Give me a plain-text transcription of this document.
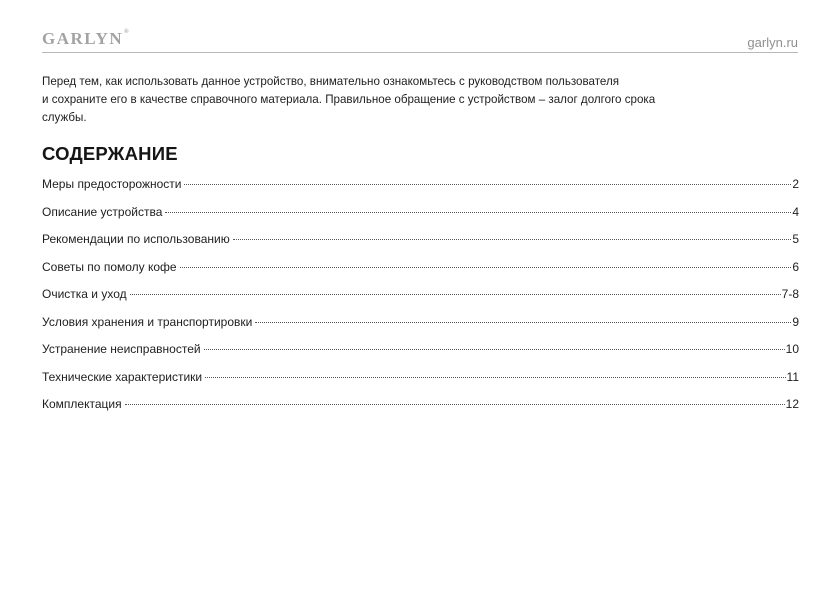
GARLYN®
garlyn.ru
Перед тем, как использовать данное устройство, внимательно ознакомьтесь с руководством пользователя
и сохраните его в качестве справочного материала. Правильное обращение с устройством – залог долгого срока
службы.
СОДЕРЖАНИЕ
Меры предосторожности	2
Описание устройства	4
Рекомендации по использованию	5
Советы по помолу кофе	6
Очистка и уход	7-8
Условия хранения и транспортировки	9
Устранение неисправностей	10
Технические характеристики	11
Комплектация	12
